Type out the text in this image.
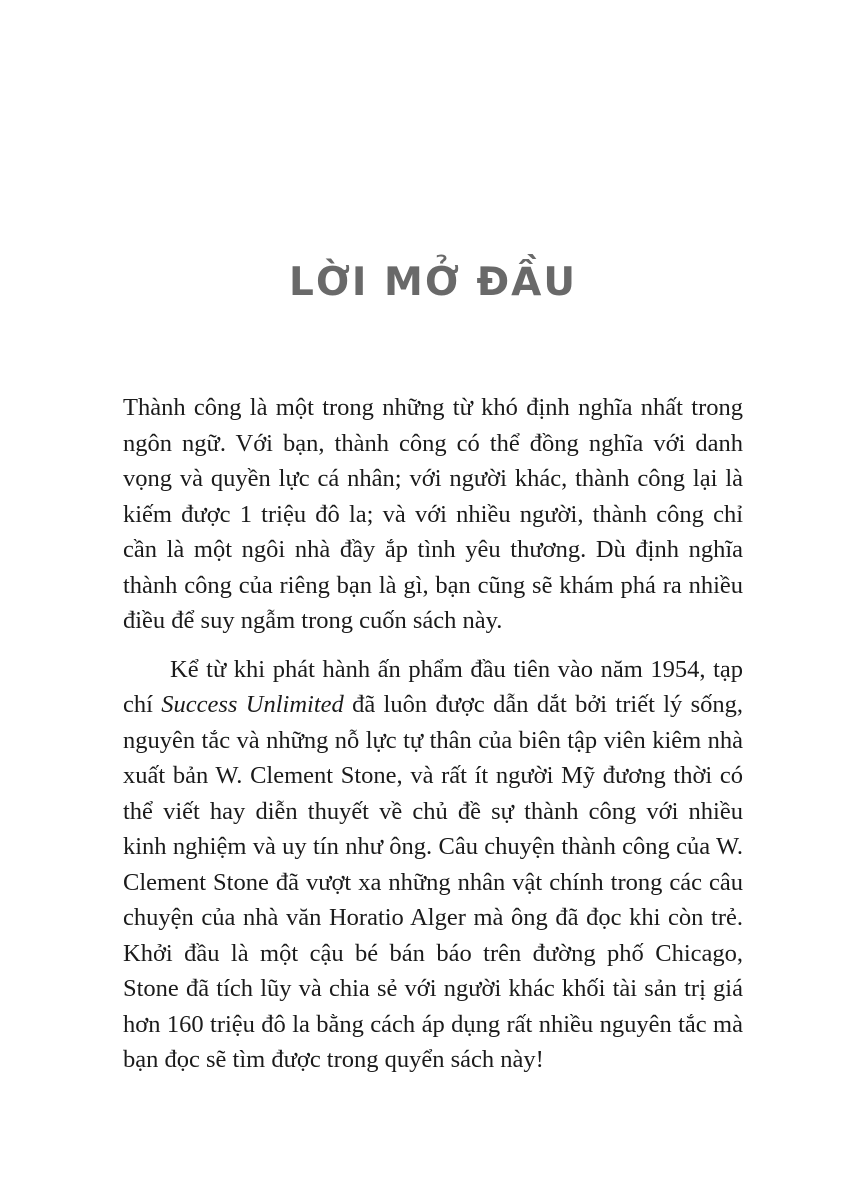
LỜI MỞ ĐẦU

Thành công là một trong những từ khó định nghĩa nhất trong ngôn ngữ. Với bạn, thành công có thể đồng nghĩa với danh vọng và quyền lực cá nhân; với người khác, thành công lại là kiếm được 1 triệu đô la; và với nhiều người, thành công chỉ cần là một ngôi nhà đầy ắp tình yêu thương. Dù định nghĩa thành công của riêng bạn là gì, bạn cũng sẽ khám phá ra nhiều điều để suy ngẫm trong cuốn sách này.

Kể từ khi phát hành ấn phẩm đầu tiên vào năm 1954, tạp chí Success Unlimited đã luôn được dẫn dắt bởi triết lý sống, nguyên tắc và những nỗ lực tự thân của biên tập viên kiêm nhà xuất bản W. Clement Stone, và rất ít người Mỹ đương thời có thể viết hay diễn thuyết về chủ đề sự thành công với nhiều kinh nghiệm và uy tín như ông. Câu chuyện thành công của W. Clement Stone đã vượt xa những nhân vật chính trong các câu chuyện của nhà văn Horatio Alger mà ông đã đọc khi còn trẻ. Khởi đầu là một cậu bé bán báo trên đường phố Chicago, Stone đã tích lũy và chia sẻ với người khác khối tài sản trị giá hơn 160 triệu đô la bằng cách áp dụng rất nhiều nguyên tắc mà bạn đọc sẽ tìm được trong quyển sách này!
